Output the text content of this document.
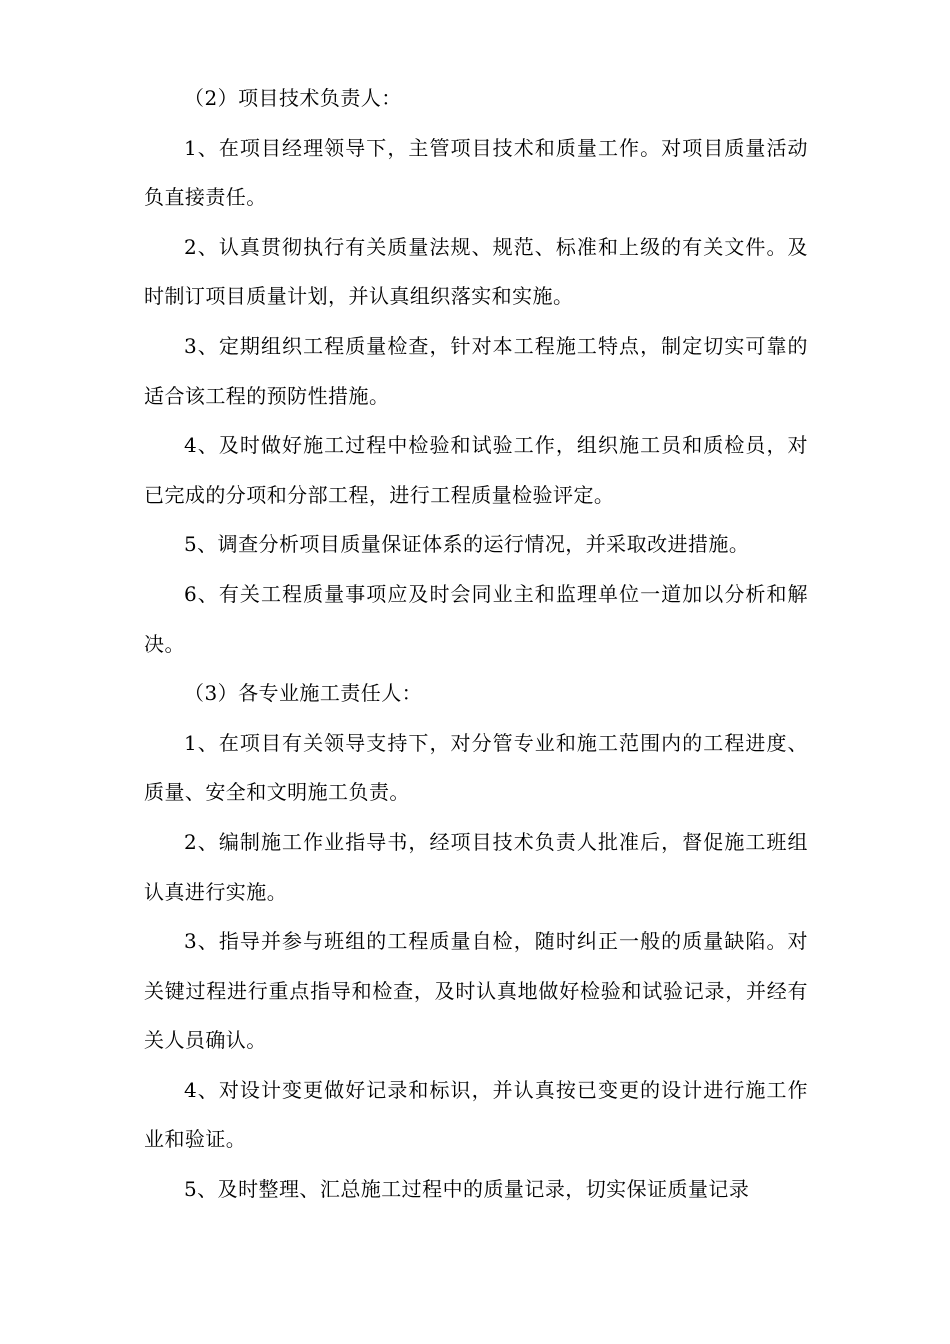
（2）项目技术负责人：

1、在项目经理领导下，主管项目技术和质量工作。对项目质量活动负直接责任。

2、认真贯彻执行有关质量法规、规范、标准和上级的有关文件。及时制订项目质量计划，并认真组织落实和实施。

3、定期组织工程质量检查，针对本工程施工特点，制定切实可靠的适合该工程的预防性措施。

4、及时做好施工过程中检验和试验工作，组织施工员和质检员，对已完成的分项和分部工程，进行工程质量检验评定。

5、调查分析项目质量保证体系的运行情况，并采取改进措施。

6、有关工程质量事项应及时会同业主和监理单位一道加以分析和解决。

（3）各专业施工责任人：

1、在项目有关领导支持下，对分管专业和施工范围内的工程进度、质量、安全和文明施工负责。

2、编制施工作业指导书，经项目技术负责人批准后，督促施工班组认真进行实施。

3、指导并参与班组的工程质量自检，随时纠正一般的质量缺陷。对关键过程进行重点指导和检查，及时认真地做好检验和试验记录，并经有关人员确认。

4、对设计变更做好记录和标识，并认真按已变更的设计进行施工作业和验证。

5、及时整理、汇总施工过程中的质量记录，切实保证质量记录
